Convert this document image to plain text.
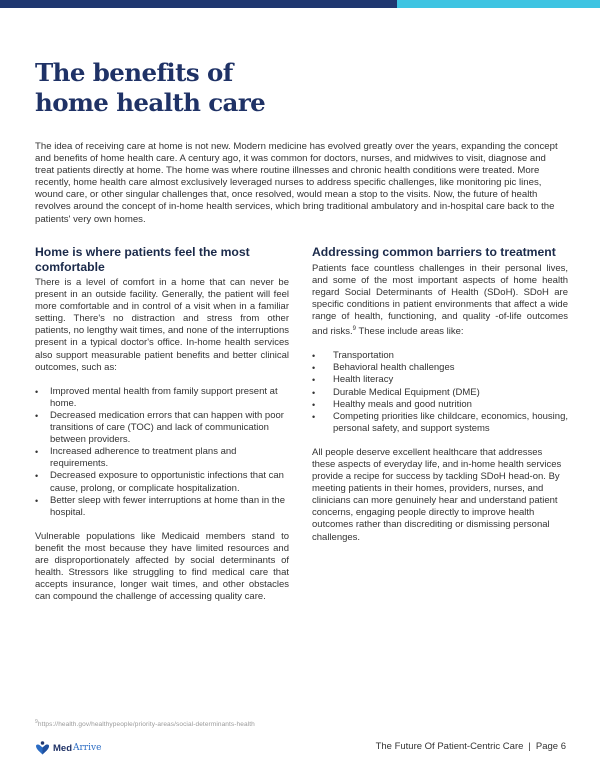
The benefits of
home health care

The idea of receiving care at home is not new. Modern medicine has evolved greatly over the years, expanding the concept and benefits of home health care. A century ago, it was common for doctors, nurses, and midwives to visit, diagnose and treat patients directly at home. The home was where routine illnesses and chronic health conditions were treated. More recently, home health care almost exclusively leveraged nurses to address specific challenges, like monitoring pic lines, wound care, or other singular challenges that, once resolved, would mean a stop to the visits. Now, the future of health revolves around the concept of in-home health services, which bring traditional ambulatory and in-hospital care back to the patients' very own homes.

Home is where patients feel the most comfortable

There is a level of comfort in a home that can never be present in an outside facility. Generally, the patient will feel more comfortable and in control of a visit when in a familiar setting. There's no distraction and stress from other patients, no lengthy wait times, and none of the interruptions present in a typical doctor's office. In-home health services also support measurable patient benefits and better clinical outcomes, such as:

• Improved mental health from family support present at home.
• Decreased medication errors that can happen with poor transitions of care (TOC) and lack of communication between providers.
• Increased adherence to treatment plans and requirements.
• Decreased exposure to opportunistic infections that can cause, prolong, or complicate hospitalization.
• Better sleep with fewer interruptions at home than in the hospital.

Vulnerable populations like Medicaid members stand to benefit the most because they have limited resources and are disproportionately affected by social determinants of health. Stressors like struggling to find medical care that accepts insurance, longer wait times, and other obstacles can compound the challenge of accessing quality care.

Addressing common barriers to treatment

Patients face countless challenges in their personal lives, and some of the most important aspects of home health regard Social Determinants of Health (SDoH). SDoH are specific conditions in patient environments that affect a wide range of health, functioning, and quality -of-life outcomes and risks.$^9$ These include areas like:

• Transportation
• Behavioral health challenges
• Health literacy
• Durable Medical Equipment (DME)
• Healthy meals and good nutrition
• Competing priorities like childcare, economics, housing, personal safety, and support systems

All people deserve excellent healthcare that addresses these aspects of everyday life, and in-home health services provide a recipe for success by tackling SDoH head-on. By meeting patients in their homes, providers, nurses, and clinicians can more genuinely hear and understand patient concerns, engaging people directly to improve health outcomes rather than discrediting or dismissing personal challenges.

$^9$https://health.gov/healthypeople/priority-areas/social-determinants-health
Med Arrive	The Future Of Patient-Centric Care | Page 6
